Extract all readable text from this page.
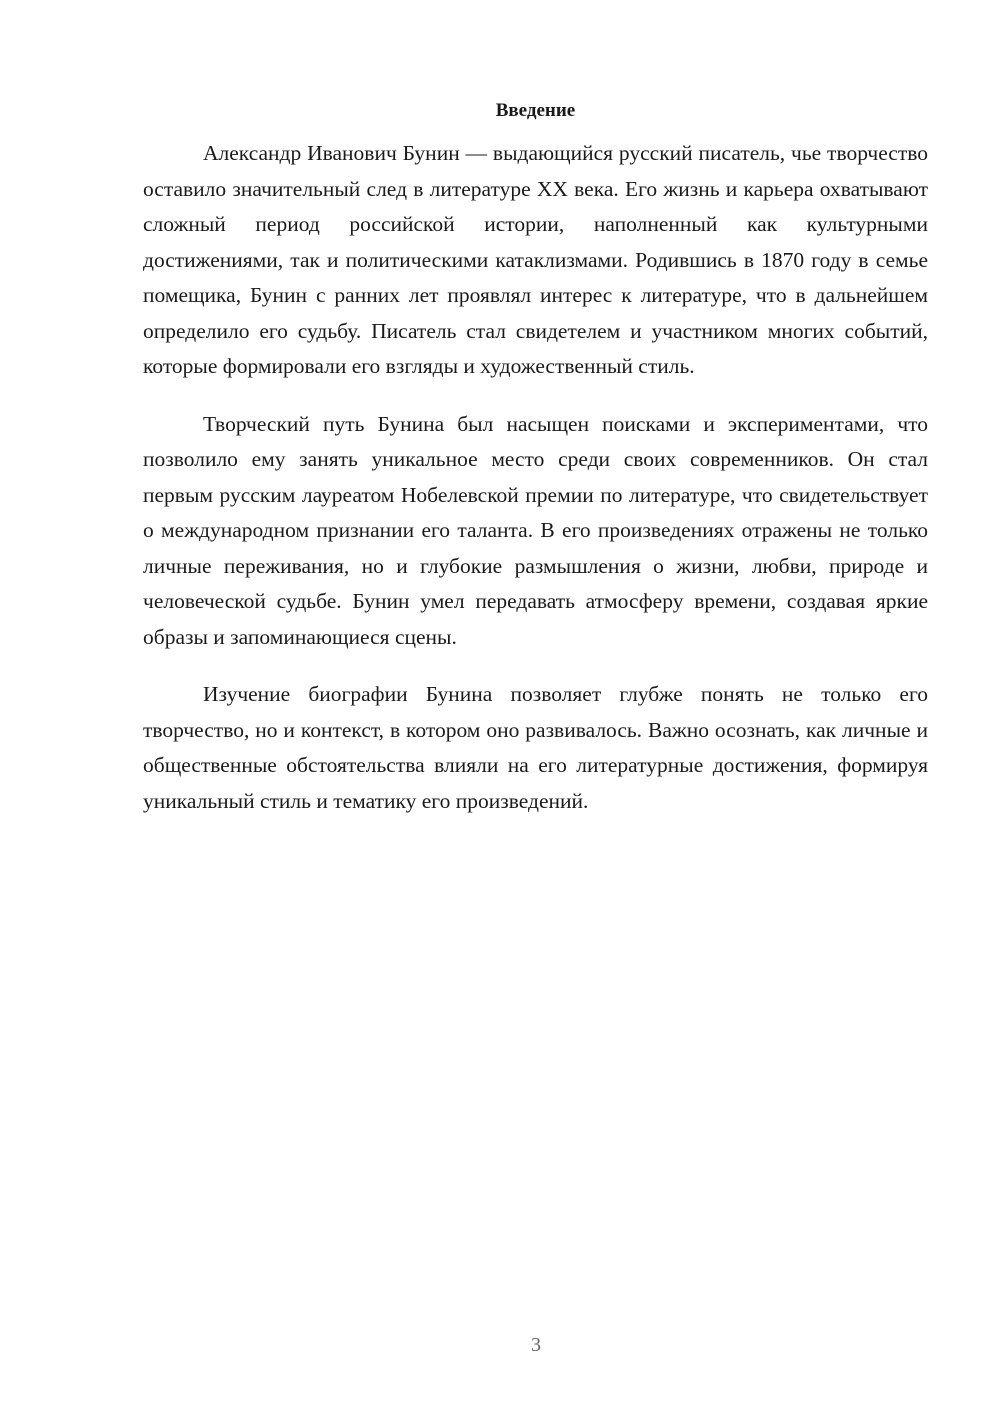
Введение

Александр Иванович Бунин — выдающийся русский писатель, чье творчество оставило значительный след в литературе XX века. Его жизнь и карьера охватывают сложный период российской истории, наполненный как культурными достижениями, так и политическими катаклизмами. Родившись в 1870 году в семье помещика, Бунин с ранних лет проявлял интерес к литературе, что в дальнейшем определило его судьбу. Писатель стал свидетелем и участником многих событий, которые формировали его взгляды и художественный стиль.

Творческий путь Бунина был насыщен поисками и экспериментами, что позволило ему занять уникальное место среди своих современников. Он стал первым русским лауреатом Нобелевской премии по литературе, что свидетельствует о международном признании его таланта. В его произведениях отражены не только личные переживания, но и глубокие размышления о жизни, любви, природе и человеческой судьбе. Бунин умел передавать атмосферу времени, создавая яркие образы и запоминающиеся сцены.

Изучение биографии Бунина позволяет глубже понять не только его творчество, но и контекст, в котором оно развивалось. Важно осознать, как личные и общественные обстоятельства влияли на его литературные достижения, формируя уникальный стиль и тематику его произведений.

3
